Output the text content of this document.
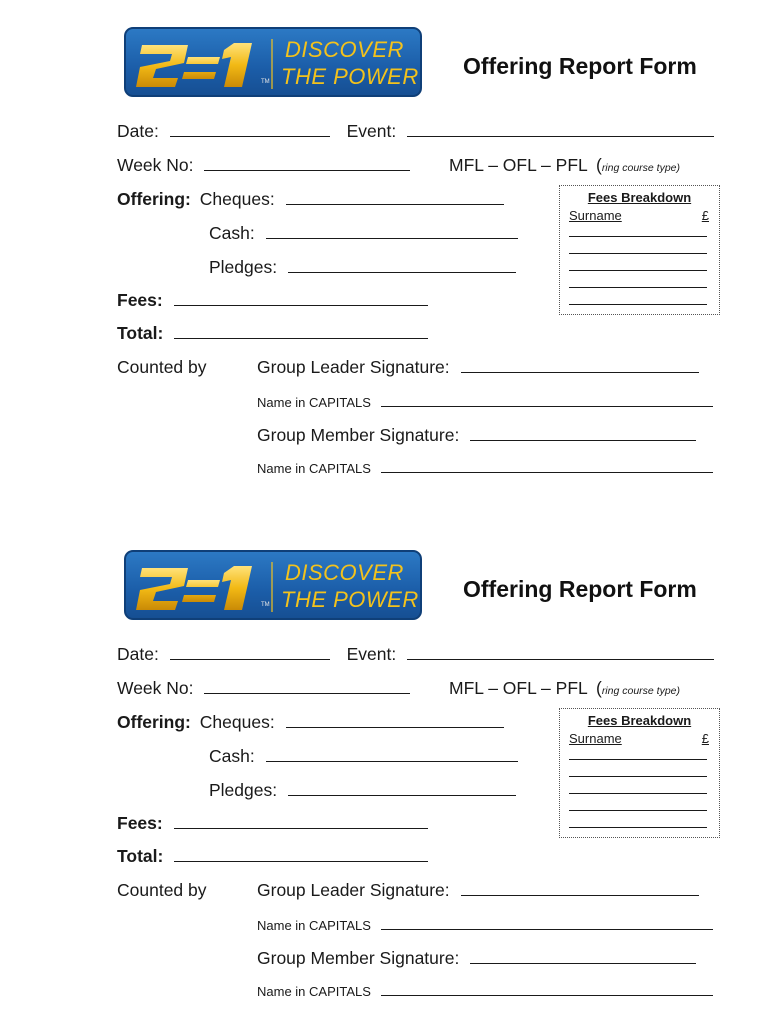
DISCOVER
THE POWER
TM
Offering Report Form
Date:	Event:
Week No:	MFL – OFL – PFL (ring course type)
Offering: Cheques:
Cash:
Pledges:
Fees:
Total:
Counted by	Group Leader Signature:
Name in CAPITALS
Group Member Signature:
Name in CAPITALS
Fees Breakdown
Surname	£
DISCOVER
THE POWER
TM
Offering Report Form
Date:	Event:
Week No:	MFL – OFL – PFL (ring course type)
Offering: Cheques:
Cash:
Pledges:
Fees:
Total:
Counted by	Group Leader Signature:
Name in CAPITALS
Group Member Signature:
Name in CAPITALS
Fees Breakdown
Surname	£
